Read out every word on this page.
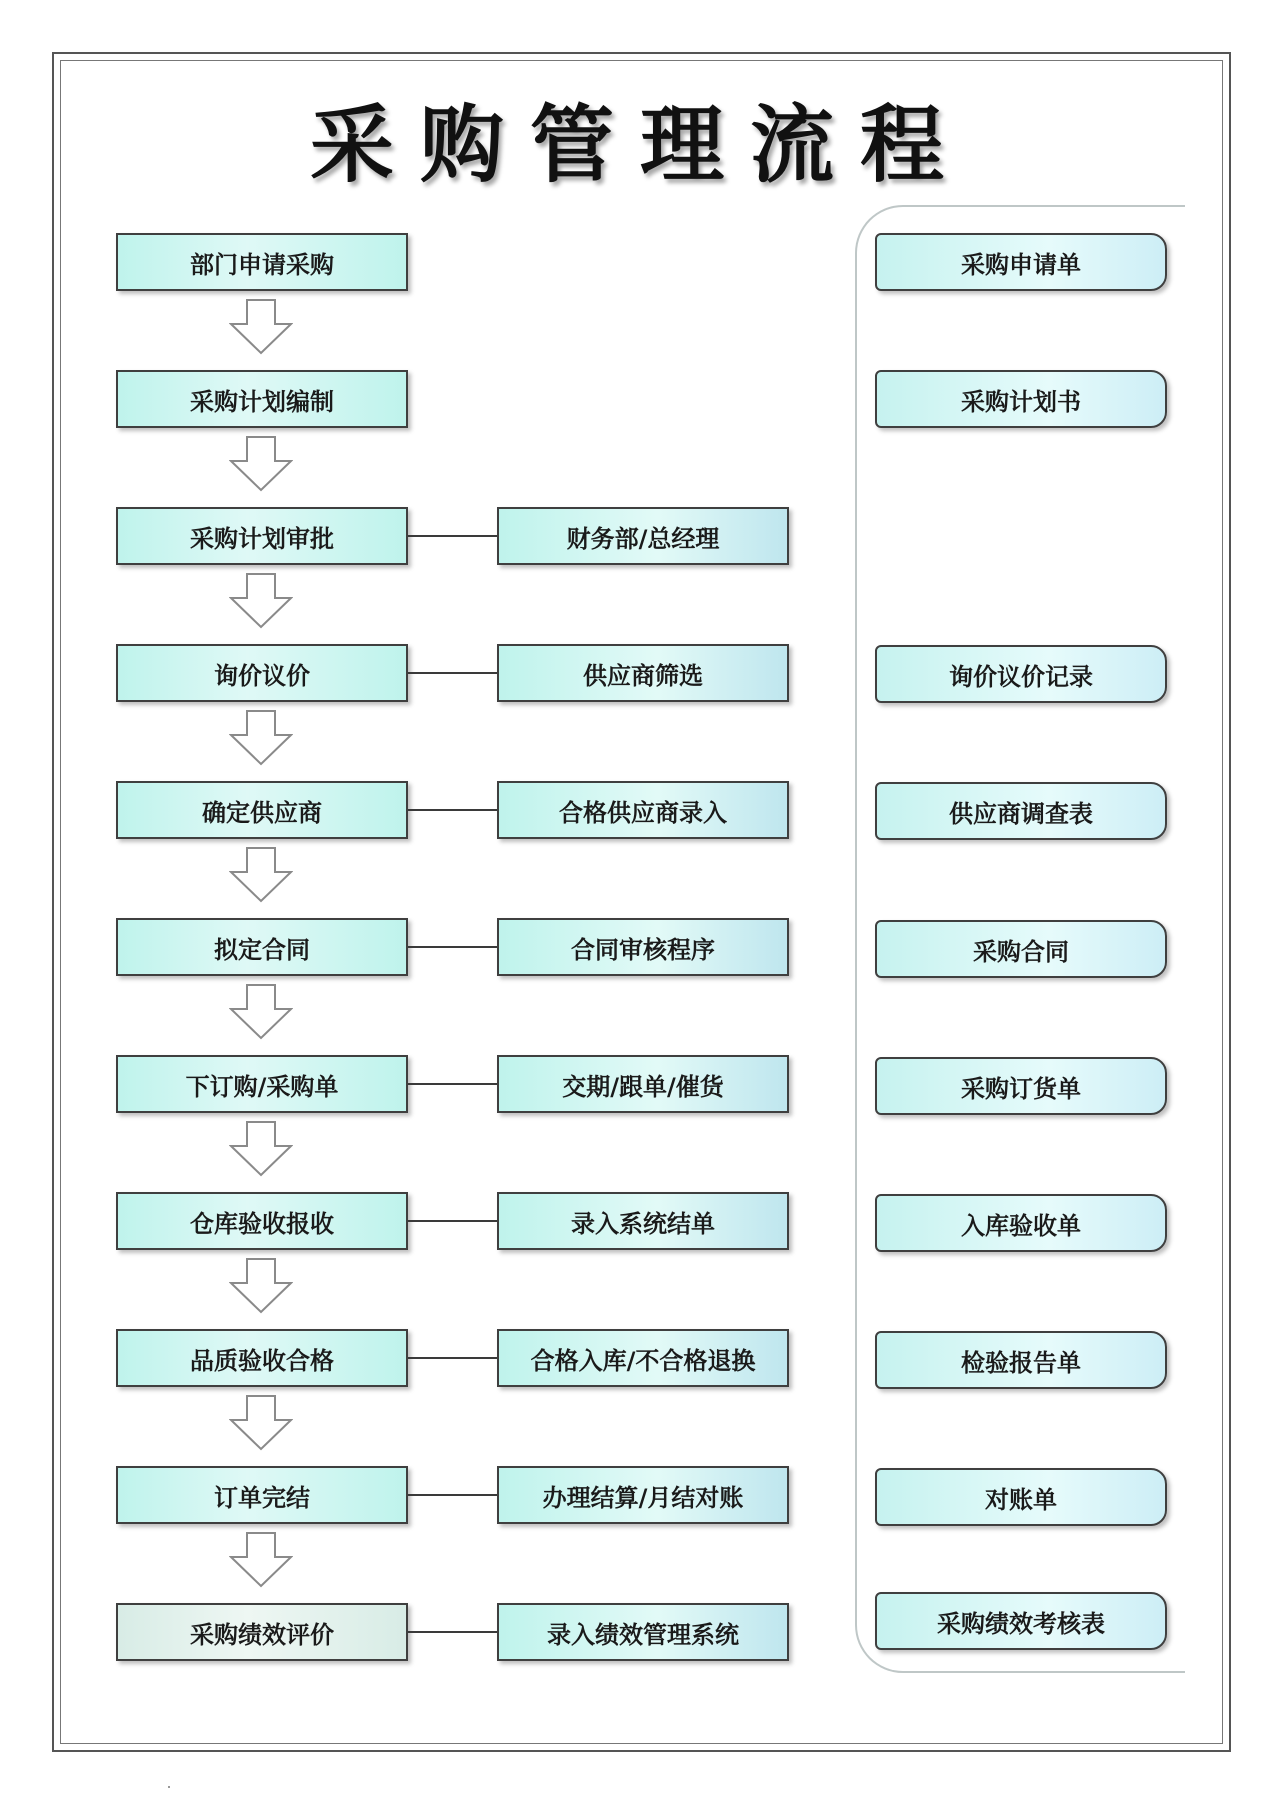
采购管理流程
部门申请采购
采购计划编制
采购计划审批
询价议价
确定供应商
拟定合同
下订购/采购单
仓库验收报收
品质验收合格
订单完结
采购绩效评价
财务部/总经理
供应商筛选
合格供应商录入
合同审核程序
交期/跟单/催货
录入系统结单
合格入库/不合格退换
办理结算/月结对账
录入绩效管理系统
采购申请单
采购计划书
询价议价记录
供应商调查表
采购合同
采购订货单
入库验收单
检验报告单
对账单
采购绩效考核表
